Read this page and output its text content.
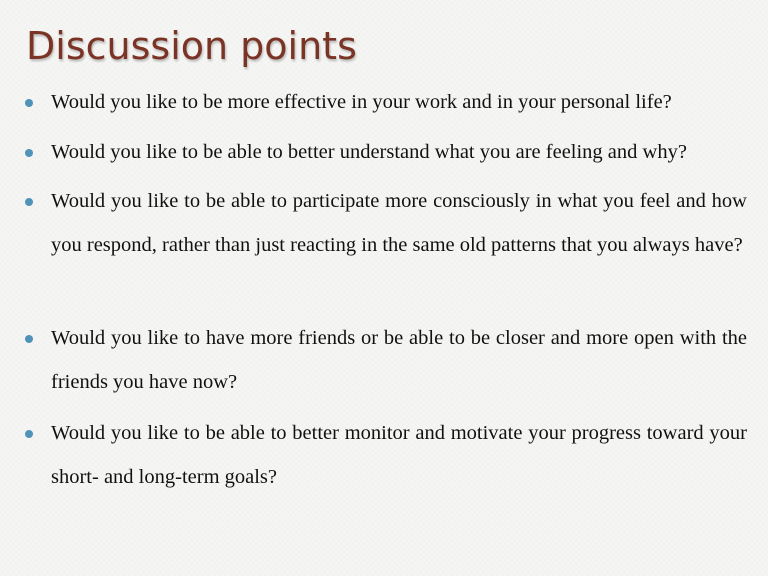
Discussion points

Would you like to be more effective in your work and in your personal life?

Would you like to be able to better understand what you are feeling and why?

Would you like to be able to participate more consciously in what you feel and how you respond, rather than just reacting in the same old patterns that you always have?

Would you like to have more friends or be able to be closer and more open with the friends you have now?

Would you like to be able to better monitor and motivate your progress toward your short- and long-term goals?
